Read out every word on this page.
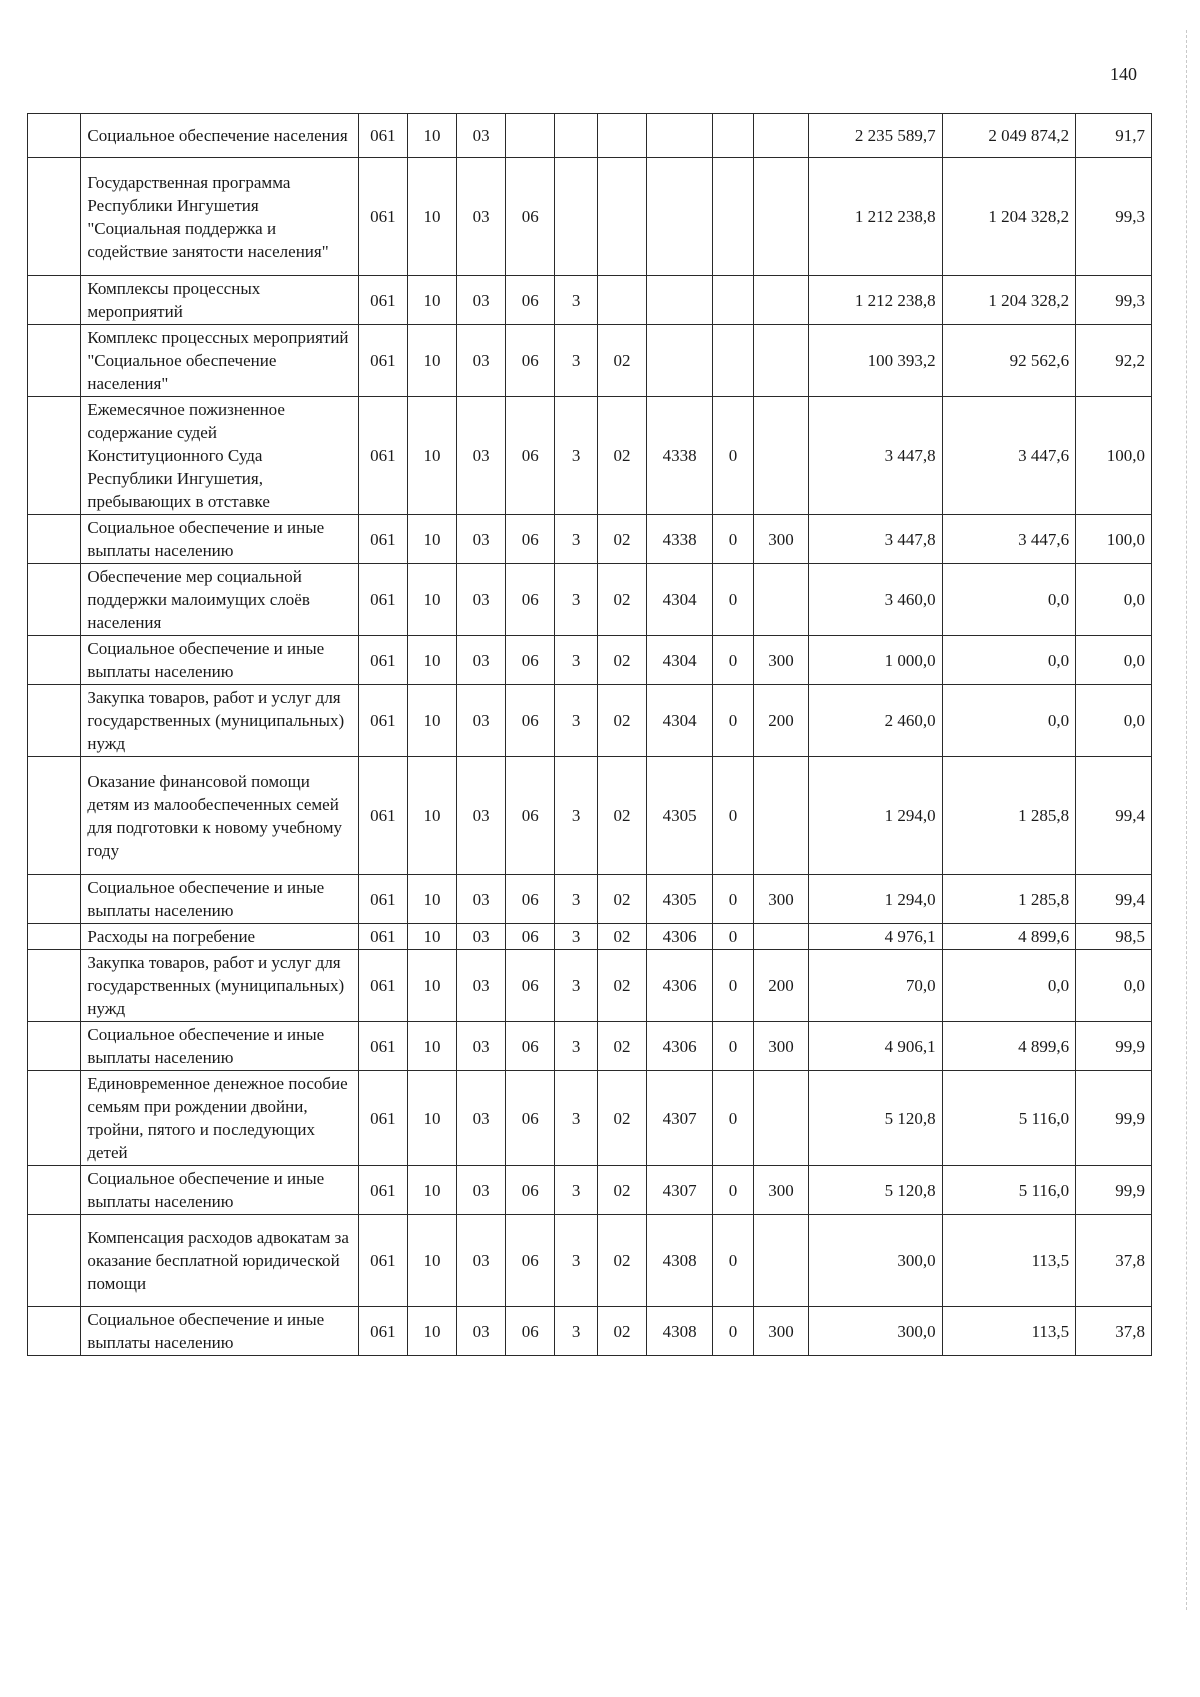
140
	Социальное обеспечение населения	061	10	03							2 235 589,7	2 049 874,2	91,7
	Государственная программа Республики Ингушетия "Социальная поддержка и содействие занятости населения"	061	10	03	06						1 212 238,8	1 204 328,2	99,3
	Комплексы процессных мероприятий	061	10	03	06	3					1 212 238,8	1 204 328,2	99,3
	Комплекс процессных мероприятий "Социальное обеспечение населения"	061	10	03	06	3	02				100 393,2	92 562,6	92,2
	Ежемесячное пожизненное содержание судей Конституционного Суда Республики Ингушетия, пребывающих в отставке	061	10	03	06	3	02	4338	0		3 447,8	3 447,6	100,0
	Социальное обеспечение и иные выплаты населению	061	10	03	06	3	02	4338	0	300	3 447,8	3 447,6	100,0
	Обеспечение мер социальной поддержки малоимущих слоёв населения	061	10	03	06	3	02	4304	0		3 460,0	0,0	0,0
	Социальное обеспечение и иные выплаты населению	061	10	03	06	3	02	4304	0	300	1 000,0	0,0	0,0
	Закупка товаров, работ и услуг для государственных (муниципальных) нужд	061	10	03	06	3	02	4304	0	200	2 460,0	0,0	0,0
	Оказание финансовой помощи детям из малообеспеченных семей для подготовки к новому учебному году	061	10	03	06	3	02	4305	0		1 294,0	1 285,8	99,4
	Социальное обеспечение и иные выплаты населению	061	10	03	06	3	02	4305	0	300	1 294,0	1 285,8	99,4
	Расходы на погребение	061	10	03	06	3	02	4306	0		4 976,1	4 899,6	98,5
	Закупка товаров, работ и услуг для государственных (муниципальных) нужд	061	10	03	06	3	02	4306	0	200	70,0	0,0	0,0
	Социальное обеспечение и иные выплаты населению	061	10	03	06	3	02	4306	0	300	4 906,1	4 899,6	99,9
	Единовременное денежное пособие семьям при рождении двойни, тройни, пятого и последующих детей	061	10	03	06	3	02	4307	0		5 120,8	5 116,0	99,9
	Социальное обеспечение и иные выплаты населению	061	10	03	06	3	02	4307	0	300	5 120,8	5 116,0	99,9
	Компенсация расходов адвокатам за оказание бесплатной юридической помощи	061	10	03	06	3	02	4308	0		300,0	113,5	37,8
	Социальное обеспечение и иные выплаты населению	061	10	03	06	3	02	4308	0	300	300,0	113,5	37,8
